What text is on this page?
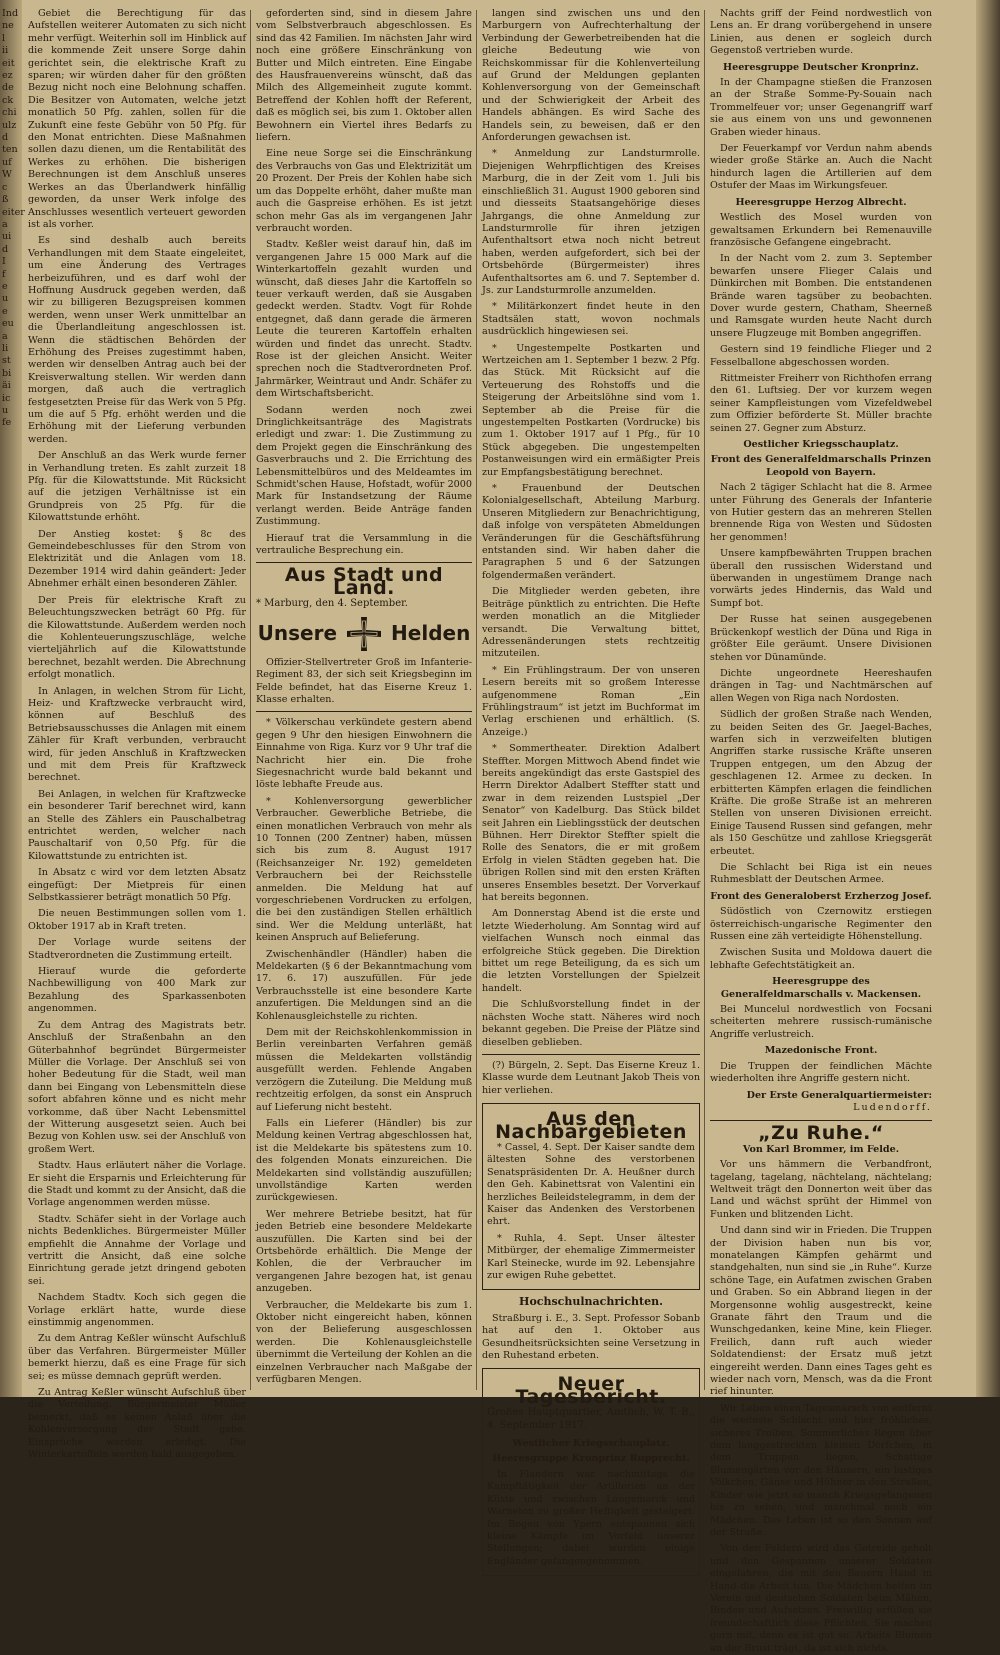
Ind
ne
l
ii
eit
ez
de
ck
chi
ulz
d
ten
uf
W
c
ß
eiter
a
ui
d
I
f
e
u
e
eu
a
li
st
bi
äi
ic
u
fe

Gebiet die Berechtigung für das Aufstellen weiterer Automaten zu sich nicht mehr verfügt. Weiterhin soll im Hinblick auf die kommende Zeit unsere Sorge dahin gerichtet sein, die elektrische Kraft zu sparen; wir würden daher für den größten Bezug nicht noch eine Belohnung schaffen. Die Besitzer von Automaten, welche jetzt monatlich 50 Pfg. zahlen, sollen für die Zukunft eine feste Gebühr von 50 Pfg. für den Monat entrichten. Diese Maßnahmen sollen dazu dienen, um die Rentabilität des Werkes zu erhöhen. Die bisherigen Berechnungen ist dem Anschluß unseres Werkes an das Überlandwerk hinfällig geworden, da unser Werk infolge des Anschlusses wesentlich verteuert geworden ist als vorher.

Es sind deshalb auch bereits Verhandlungen mit dem Staate eingeleitet, um eine Änderung des Vertrages herbeizuführen, und es darf wohl der Hoffnung Ausdruck gegeben werden, daß wir zu billigeren Bezugspreisen kommen werden, wenn unser Werk unmittelbar an die Überlandleitung angeschlossen ist. Wenn die städtischen Behörden der Erhöhung des Preises zugestimmt haben, werden wir denselben Antrag auch bei der Kreisverwaltung stellen. Wir werden dann morgen, daß auch die vertraglich festgesetzten Preise für das Werk von 5 Pfg. um die auf 5 Pfg. erhöht werden und die Erhöhung mit der Lieferung verbunden werden.

Der Anschluß an das Werk wurde ferner in Verhandlung treten. Es zahlt zurzeit 18 Pfg. für die Kilowattstunde. Mit Rücksicht auf die jetzigen Verhältnisse ist ein Grundpreis von 25 Pfg. für die Kilowattstunde erhöht.

Der Anstieg kostet: § 8c des Gemeindebeschlusses für den Strom von Elektrizität und die Anlagen vom 18. Dezember 1914 wird dahin geändert: Jeder Abnehmer erhält einen besonderen Zähler.

Der Preis für elektrische Kraft zu Beleuchtungszwecken beträgt 60 Pfg. für die Kilowattstunde. Außerdem werden noch die Kohlenteuerungszuschläge, welche vierteljährlich auf die Kilowattstunde berechnet, bezahlt werden. Die Abrechnung erfolgt monatlich.

In Anlagen, in welchen Strom für Licht, Heiz- und Kraftzwecke verbraucht wird, können auf Beschluß des Betriebsausschusses die Anlagen mit einem Zähler für Kraft verbunden, verbraucht wird, für jeden Anschluß in Kraftzwecken und mit dem Preis für Kraftzweck berechnet.

Bei Anlagen, in welchen für Kraftzwecke ein besonderer Tarif berechnet wird, kann an Stelle des Zählers ein Pauschalbetrag entrichtet werden, welcher nach Pauschaltarif von 0,50 Pfg. für die Kilowattstunde zu entrichten ist.

In Absatz c wird vor dem letzten Absatz eingefügt: Der Mietpreis für einen Selbstkassierer beträgt monatlich 50 Pfg.

Die neuen Bestimmungen sollen vom 1. Oktober 1917 ab in Kraft treten.

Der Vorlage wurde seitens der Stadtverordneten die Zustimmung erteilt.

Hierauf wurde die geforderte Nachbewilligung von 400 Mark zur Bezahlung des Sparkassenboten angenommen.

Zu dem Antrag des Magistrats betr. Anschluß der Straßenbahn an den Güterbahnhof begründet Bürgermeister Müller die Vorlage. Der Anschluß sei von hoher Bedeutung für die Stadt, weil man dann bei Eingang von Lebensmitteln diese sofort abfahren könne und es nicht mehr vorkomme, daß über Nacht Lebensmittel der Witterung ausgesetzt seien. Auch bei Bezug von Kohlen usw. sei der Anschluß von großem Wert.

Stadtv. Haus erläutert näher die Vorlage. Er sieht die Ersparnis und Erleichterung für die Stadt und kommt zu der Ansicht, daß die Vorlage angenommen werden müsse.

Stadtv. Schäfer sieht in der Vorlage auch nichts Bedenkliches. Bürgermeister Müller empfiehlt die Annahme der Vorlage und vertritt die Ansicht, daß eine solche Einrichtung gerade jetzt dringend geboten sei.

Nachdem Stadtv. Koch sich gegen die Vorlage erklärt hatte, wurde diese einstimmig angenommen.

Zu dem Antrag Keßler wünscht Aufschluß über das Verfahren. Bürgermeister Müller bemerkt hierzu, daß es eine Frage für sich sei; es müsse demnach geprüft werden.

Zu Antrag Keßler wünscht Aufschluß über die Verteilung. Bürgermeister Müller bemerkt, daß es keinen Anlaß über die Kohlenversorgung der Stadt gebe. Einsprüche werden erledigt. Die Winterkartoffeln werden bald ausgegeben.

geforderten sind, sind in diesem Jahre vom Selbstverbrauch abgeschlossen. Es sind das 42 Familien. Im nächsten Jahr wird noch eine größere Einschränkung von Butter und Milch eintreten. Eine Eingabe des Hausfrauenvereins wünscht, daß das Milch des Allgemeinheit zugute kommt. Betreffend der Kohlen hofft der Referent, daß es möglich sei, bis zum 1. Oktober allen Bewohnern ein Viertel ihres Bedarfs zu liefern.

Eine neue Sorge sei die Einschränkung des Verbrauchs von Gas und Elektrizität um 20 Prozent. Der Preis der Kohlen habe sich um das Doppelte erhöht, daher mußte man auch die Gaspreise erhöhen. Es ist jetzt schon mehr Gas als im vergangenen Jahr verbraucht worden.

Stadtv. Keßler weist darauf hin, daß im vergangenen Jahre 15 000 Mark auf die Winterkartoffeln gezahlt wurden und wünscht, daß dieses Jahr die Kartoffeln so teuer verkauft werden, daß sie Ausgaben gedeckt werden. Stadtv. Vogt für Rohde entgegnet, daß dann gerade die ärmeren Leute die teureren Kartoffeln erhalten würden und findet das unrecht. Stadtv. Rose ist der gleichen Ansicht. Weiter sprechen noch die Stadtverordneten Prof. Jahrmärker, Weintraut und Andr. Schäfer zu dem Wirtschaftsbericht.

Sodann werden noch zwei Dringlichkeitsanträge des Magistrats erledigt und zwar: 1. Die Zustimmung zu dem Projekt gegen die Einschränkung des Gasverbrauchs und 2. Die Errichtung des Lebensmittelbüros und des Meldeamtes im Schmidt'schen Hause, Hofstadt, wofür 2000 Mark für Instandsetzung der Räume verlangt werden. Beide Anträge fanden Zustimmung.

Hierauf trat die Versammlung in die vertrauliche Besprechung ein.

Aus Stadt und Land.
* Marburg, den 4. September.
Unsere	Helden

Offizier-Stellvertreter Groß im Infanterie-Regiment 83, der sich seit Kriegsbeginn im Felde befindet, hat das Eiserne Kreuz 1. Klasse erhalten.

* Völkerschau verkündete gestern abend gegen 9 Uhr den hiesigen Einwohnern die Einnahme von Riga. Kurz vor 9 Uhr traf die Nachricht hier ein. Die frohe Siegesnachricht wurde bald bekannt und löste lebhafte Freude aus.

* Kohlenversorgung gewerblicher Verbraucher. Gewerbliche Betriebe, die einen monatlichen Verbrauch von mehr als 10 Tonnen (200 Zentner) haben, müssen sich bis zum 8. August 1917 (Reichsanzeiger Nr. 192) gemeldeten Verbrauchern bei der Reichsstelle anmelden. Die Meldung hat auf vorgeschriebenen Vordrucken zu erfolgen, die bei den zuständigen Stellen erhältlich sind. Wer die Meldung unterläßt, hat keinen Anspruch auf Belieferung.

Zwischenhändler (Händler) haben die Meldekarten (§ 6 der Bekanntmachung vom 17. 6. 17) auszufüllen. Für jede Verbrauchsstelle ist eine besondere Karte anzufertigen. Die Meldungen sind an die Kohlenausgleichstelle zu richten.

Dem mit der Reichskohlenkommission in Berlin vereinbarten Verfahren gemäß müssen die Meldekarten vollständig ausgefüllt werden. Fehlende Angaben verzögern die Zuteilung. Die Meldung muß rechtzeitig erfolgen, da sonst ein Anspruch auf Lieferung nicht besteht.

Falls ein Lieferer (Händler) bis zur Meldung keinen Vertrag abgeschlossen hat, ist die Meldekarte bis spätestens zum 10. des folgenden Monats einzureichen. Die Meldekarten sind vollständig auszufüllen; unvollständige Karten werden zurückgewiesen.

Wer mehrere Betriebe besitzt, hat für jeden Betrieb eine besondere Meldekarte auszufüllen. Die Karten sind bei der Ortsbehörde erhältlich. Die Menge der Kohlen, die der Verbraucher im vergangenen Jahre bezogen hat, ist genau anzugeben.

Verbraucher, die Meldekarte bis zum 1. Oktober nicht eingereicht haben, können von der Belieferung ausgeschlossen werden. Die Kohlenausgleichstelle übernimmt die Verteilung der Kohlen an die einzelnen Verbraucher nach Maßgabe der verfügbaren Mengen.

langen sind zwischen uns und den Marburgern von Aufrechterhaltung der Verbindung der Gewerbetreibenden hat die gleiche Bedeutung wie von Reichskommissar für die Kohlenverteilung auf Grund der Meldungen geplanten Kohlenversorgung von der Gemeinschaft und der Schwierigkeit der Arbeit des Handels abhängen. Es wird Sache des Handels sein, zu beweisen, daß er den Anforderungen gewachsen ist.

* Anmeldung zur Landsturmrolle. Diejenigen Wehrpflichtigen des Kreises Marburg, die in der Zeit vom 1. Juli bis einschließlich 31. August 1900 geboren sind und diesseits Staatsangehörige dieses Jahrgangs, die ohne Anmeldung zur Landsturmrolle für ihren jetzigen Aufenthaltsort etwa noch nicht betreut haben, werden aufgefordert, sich bei der Ortsbehörde (Bürgermeister) ihres Aufenthaltsortes am 6. und 7. September d. Js. zur Landsturmrolle anzumelden.

* Militärkonzert findet heute in den Stadtsälen statt, wovon nochmals ausdrücklich hingewiesen sei.

* Ungestempelte Postkarten und Wertzeichen am 1. September 1 bezw. 2 Pfg. das Stück. Mit Rücksicht auf die Verteuerung des Rohstoffs und die Steigerung der Arbeitslöhne sind vom 1. September ab die Preise für die ungestempelten Postkarten (Vordrucke) bis zum 1. Oktober 1917 auf 1 Pfg., für 10 Stück abgegeben. Die ungestempelten Postanweisungen wird ein ermäßigter Preis zur Empfangsbestätigung berechnet.

* Frauenbund der Deutschen Kolonialgesellschaft, Abteilung Marburg. Unseren Mitgliedern zur Benachrichtigung, daß infolge von verspäteten Abmeldungen Veränderungen für die Geschäftsführung entstanden sind. Wir haben daher die Paragraphen 5 und 6 der Satzungen folgendermaßen verändert.

Die Mitglieder werden gebeten, ihre Beiträge pünktlich zu entrichten. Die Hefte werden monatlich an die Mitglieder versandt. Die Verwaltung bittet, Adressenänderungen stets rechtzeitig mitzuteilen.

* Ein Frühlingstraum. Der von unseren Lesern bereits mit so großem Interesse aufgenommene Roman „Ein Frühlingstraum“ ist jetzt im Buchformat im Verlag erschienen und erhältlich. (S. Anzeige.)

* Sommertheater. Direktion Adalbert Steffter. Morgen Mittwoch Abend findet wie bereits angekündigt das erste Gastspiel des Herrn Direktor Adalbert Steffter statt und zwar in dem reizenden Lustspiel „Der Senator“ von Kadelburg. Das Stück bildet seit Jahren ein Lieblingsstück der deutschen Bühnen. Herr Direktor Steffter spielt die Rolle des Senators, die er mit großem Erfolg in vielen Städten gegeben hat. Die übrigen Rollen sind mit den ersten Kräften unseres Ensembles besetzt. Der Vorverkauf hat bereits begonnen.

Am Donnerstag Abend ist die erste und letzte Wiederholung. Am Sonntag wird auf vielfachen Wunsch noch einmal das erfolgreiche Stück gegeben. Die Direktion bittet um rege Beteiligung, da es sich um die letzten Vorstellungen der Spielzeit handelt.

Die Schlußvorstellung findet in der nächsten Woche statt. Näheres wird noch bekannt gegeben. Die Preise der Plätze sind dieselben geblieben.

(?) Bürgeln, 2. Sept. Das Eiserne Kreuz 1. Klasse wurde dem Leutnant Jakob Theis von hier verliehen.

Aus den Nachbargebieten

* Cassel, 4. Sept. Der Kaiser sandte dem ältesten Sohne des verstorbenen Senatspräsidenten Dr. A. Heußner durch den Geh. Kabinettsrat von Valentini ein herzliches Beileidstelegramm, in dem der Kaiser das Andenken des Verstorbenen ehrt.

* Ruhla, 4. Sept. Unser ältester Mitbürger, der ehemalige Zimmermeister Karl Steinecke, wurde im 92. Lebensjahre zur ewigen Ruhe gebettet.

Hochschulnachrichten.

Straßburg i. E., 3. Sept. Professor Sobanb hat auf den 1. Oktober aus Gesundheitsrücksichten seine Versetzung in den Ruhestand erbeten.

Neuer Tagesbericht.
Großes Hauptquartier, Amtlich, W. T. B., 4. September 1917.
Westlicher Kriegsschauplatz.
Heeresgruppe Kronprinz Rupprecht.

In Flandern war nachmittags die Kampftätigkeit der Artillerien an der Küste und zwischen Langemarck und Warneton zu großer Heftigkeit gesteigert. Im Bogen von Ypern entspannen sich kleine Kämpfe im Vorfeld unserer Stellungen; dabei wurden einige Engländer gefangengenommen.

Nachts griff der Feind nordwestlich von Lens an. Er drang vorübergehend in unsere Linien, aus denen er sogleich durch Gegenstoß vertrieben wurde.

Heeresgruppe Deutscher Kronprinz.

In der Champagne stießen die Franzosen an der Straße Somme-Py-Souain nach Trommelfeuer vor; unser Gegenangriff warf sie aus einem von uns und gewonnenen Graben wieder hinaus.

Der Feuerkampf vor Verdun nahm abends wieder große Stärke an. Auch die Nacht hindurch lagen die Artillerien auf dem Ostufer der Maas im Wirkungsfeuer.

Heeresgruppe Herzog Albrecht.

Westlich des Mosel wurden von gewaltsamen Erkundern bei Remenauville französische Gefangene eingebracht.

In der Nacht vom 2. zum 3. September bewarfen unsere Flieger Calais und Dünkirchen mit Bomben. Die entstandenen Brände waren tagsüber zu beobachten. Dover wurde gestern, Chatham, Sheerneß und Ramsgate wurden heute Nacht durch unsere Flugzeuge mit Bomben angegriffen.

Gestern sind 19 feindliche Flieger und 2 Fesselballone abgeschossen worden.

Rittmeister Freiherr von Richthofen errang den 61. Luftsieg. Der vor kurzem wegen seiner Kampfleistungen vom Vizefeldwebel zum Offizier beförderte St. Müller brachte seinen 27. Gegner zum Absturz.

Oestlicher Kriegsschauplatz.
Front des Generalfeldmarschalls Prinzen Leopold von Bayern.

Nach 2 tägiger Schlacht hat die 8. Armee unter Führung des Generals der Infanterie von Hutier gestern das an mehreren Stellen brennende Riga von Westen und Südosten her genommen!

Unsere kampfbewährten Truppen brachen überall den russischen Widerstand und überwanden in ungestümem Drange nach vorwärts jedes Hindernis, das Wald und Sumpf bot.

Der Russe hat seinen ausgegebenen Brückenkopf westlich der Düna und Riga in größter Eile geräumt. Unsere Divisionen stehen vor Dünamünde.

Dichte ungeordnete Heereshaufen drängen in Tag- und Nachtmärschen auf allen Wegen von Riga nach Nordosten.

Südlich der großen Straße nach Wenden, zu beiden Seiten des Gr. Jaegel-Baches, warfen sich in verzweifelten blutigen Angriffen starke russische Kräfte unseren Truppen entgegen, um den Abzug der geschlagenen 12. Armee zu decken. In erbitterten Kämpfen erlagen die feindlichen Kräfte. Die große Straße ist an mehreren Stellen von unseren Divisionen erreicht. Einige Tausend Russen sind gefangen, mehr als 150 Geschütze und zahllose Kriegsgerät erbeutet.

Die Schlacht bei Riga ist ein neues Ruhmesblatt der Deutschen Armee.

Front des Generaloberst Erzherzog Josef.

Südöstlich von Czernowitz erstiegen österreichisch-ungarische Regimenter den Russen eine zäh verteidigte Höhenstellung.

Zwischen Susita und Moldowa dauert die lebhafte Gefechtstätigkeit an.

Heeresgruppe des Generalfeldmarschalls v. Mackensen.

Bei Muncelul nordwestlich von Focsani scheiterten mehrere russisch-rumänische Angriffe verlustreich.

Mazedonische Front.

Die Truppen der feindlichen Mächte wiederholten ihre Angriffe gestern nicht.

Der Erste Generalquartiermeister:
Ludendorff.
„Zu Ruhe.“
Von Karl Brommer, im Felde.

Vor uns hämmern die Verbandfront, tagelang, tagelang, nächtelang, nächtelang; Weltweit trägt den Donnerton weit über das Land und wächst sprüht der Himmel von Funken und blitzenden Licht.

Und dann sind wir in Frieden. Die Truppen der Division haben nun bis vor, monatelangen Kämpfen gehärmt und standgehalten, nun sind sie „in Ruhe“. Kurze schöne Tage, ein Aufatmen zwischen Graben und Graben. So ein Abbrand liegen in der Morgensonne wohlig ausgestreckt, keine Granate fährt den Traum und die Wunschgedanken, keine Mine, kein Flieger. Freilich, dann ruft auch wieder Soldatendienst: der Ersatz muß jetzt eingereiht werden. Dann eines Tages geht es wieder nach vorn, Mensch, was da die Front rief hinunter.

Wir Leben einen Tagesmarsch von entfernt die weiteste Schlacht und hier fröhliches, sicheres Treiben. Sommerliches Regen über dem langgestreckten kleinen Dörfchen, in dem Truppen liegen, Schattige Blumengärten vor den Häusern, ein lustiges Völkchen, Gänse und Hühner in den Straßen, Kinder wie jetzt so manch Kriegsgefangenen bis zu sehen, und manchmal noch ein Mädchen. Das Leben ist so den Sonnen auf der Straße.

Von den Feldern wird das Getreide geholt und den Gespannen unserer Soldaten eingefahren, die mit den Bauern Hand in Hand die Arbeit tun. Die Mädchen helfen im Verein mit deutschen Soldaten beim Mähen, Binden und Aufsetzen. Freiwillig erfüllen sie freundschaftlich diese Pflichten. Sie machen gern mit, denn es ist gut so. Arbeits Blumen an der Brust trägt, da ist sich nichts.
